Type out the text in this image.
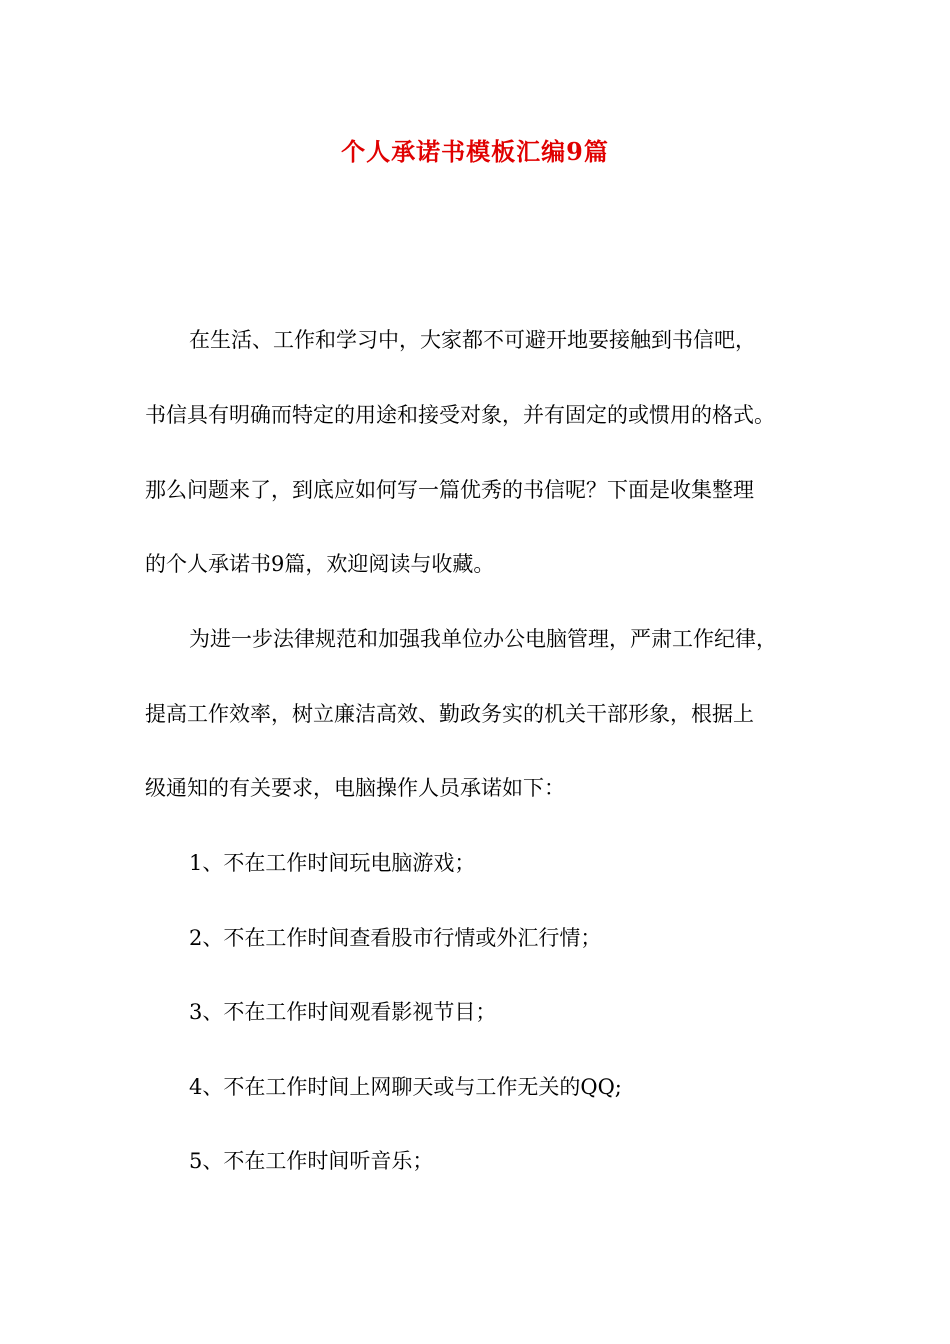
个人承诺书模板汇编9篇

在生活、工作和学习中，大家都不可避开地要接触到书信吧，

书信具有明确而特定的用途和接受对象，并有固定的或惯用的格式。

那么问题来了，到底应如何写一篇优秀的书信呢？下面是收集整理

的个人承诺书9篇，欢迎阅读与收藏。

为进一步法律规范和加强我单位办公电脑管理，严肃工作纪律，

提高工作效率，树立廉洁高效、勤政务实的机关干部形象，根据上

级通知的有关要求，电脑操作人员承诺如下：

1、不在工作时间玩电脑游戏；

2、不在工作时间查看股市行情或外汇行情；

3、不在工作时间观看影视节目；

4、不在工作时间上网聊天或与工作无关的QQ;

5、不在工作时间听音乐；
